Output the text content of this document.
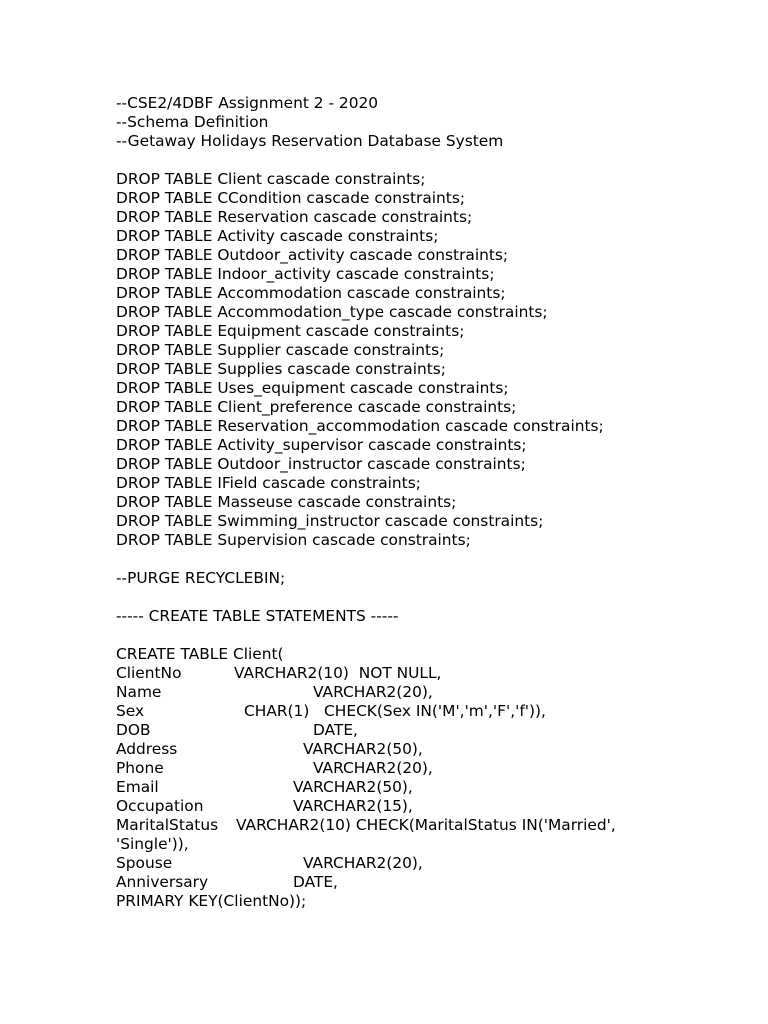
--CSE2/4DBF Assignment 2 - 2020
--Schema Definition
--Getaway Holidays Reservation Database System
DROP TABLE Client cascade constraints;
DROP TABLE CCondition cascade constraints;
DROP TABLE Reservation cascade constraints;
DROP TABLE Activity cascade constraints;
DROP TABLE Outdoor_activity cascade constraints;
DROP TABLE Indoor_activity cascade constraints;
DROP TABLE Accommodation cascade constraints;
DROP TABLE Accommodation_type cascade constraints;
DROP TABLE Equipment cascade constraints;
DROP TABLE Supplier cascade constraints;
DROP TABLE Supplies cascade constraints;
DROP TABLE Uses_equipment cascade constraints;
DROP TABLE Client_preference cascade constraints;
DROP TABLE Reservation_accommodation cascade constraints;
DROP TABLE Activity_supervisor cascade constraints;
DROP TABLE Outdoor_instructor cascade constraints;
DROP TABLE IField cascade constraints;
DROP TABLE Masseuse cascade constraints;
DROP TABLE Swimming_instructor cascade constraints;
DROP TABLE Supervision cascade constraints;
--PURGE RECYCLEBIN;
----- CREATE TABLE STATEMENTS -----
CREATE TABLE Client(

ClientNo

	VARCHAR2(10)  NOT NULL,

Name

	VARCHAR2(20),

Sex

	CHAR(1)   CHECK(Sex IN('M','m','F','f')),

DOB

	DATE,

Address

	VARCHAR2(50),

Phone

	VARCHAR2(20),

Email

	VARCHAR2(50),

Occupation

	VARCHAR2(15),

MaritalStatus

VARCHAR2(10) CHECK(MaritalStatus IN('Married',

'Single')),

Spouse

	VARCHAR2(20),

Anniversary

	DATE,

PRIMARY KEY(ClientNo));
